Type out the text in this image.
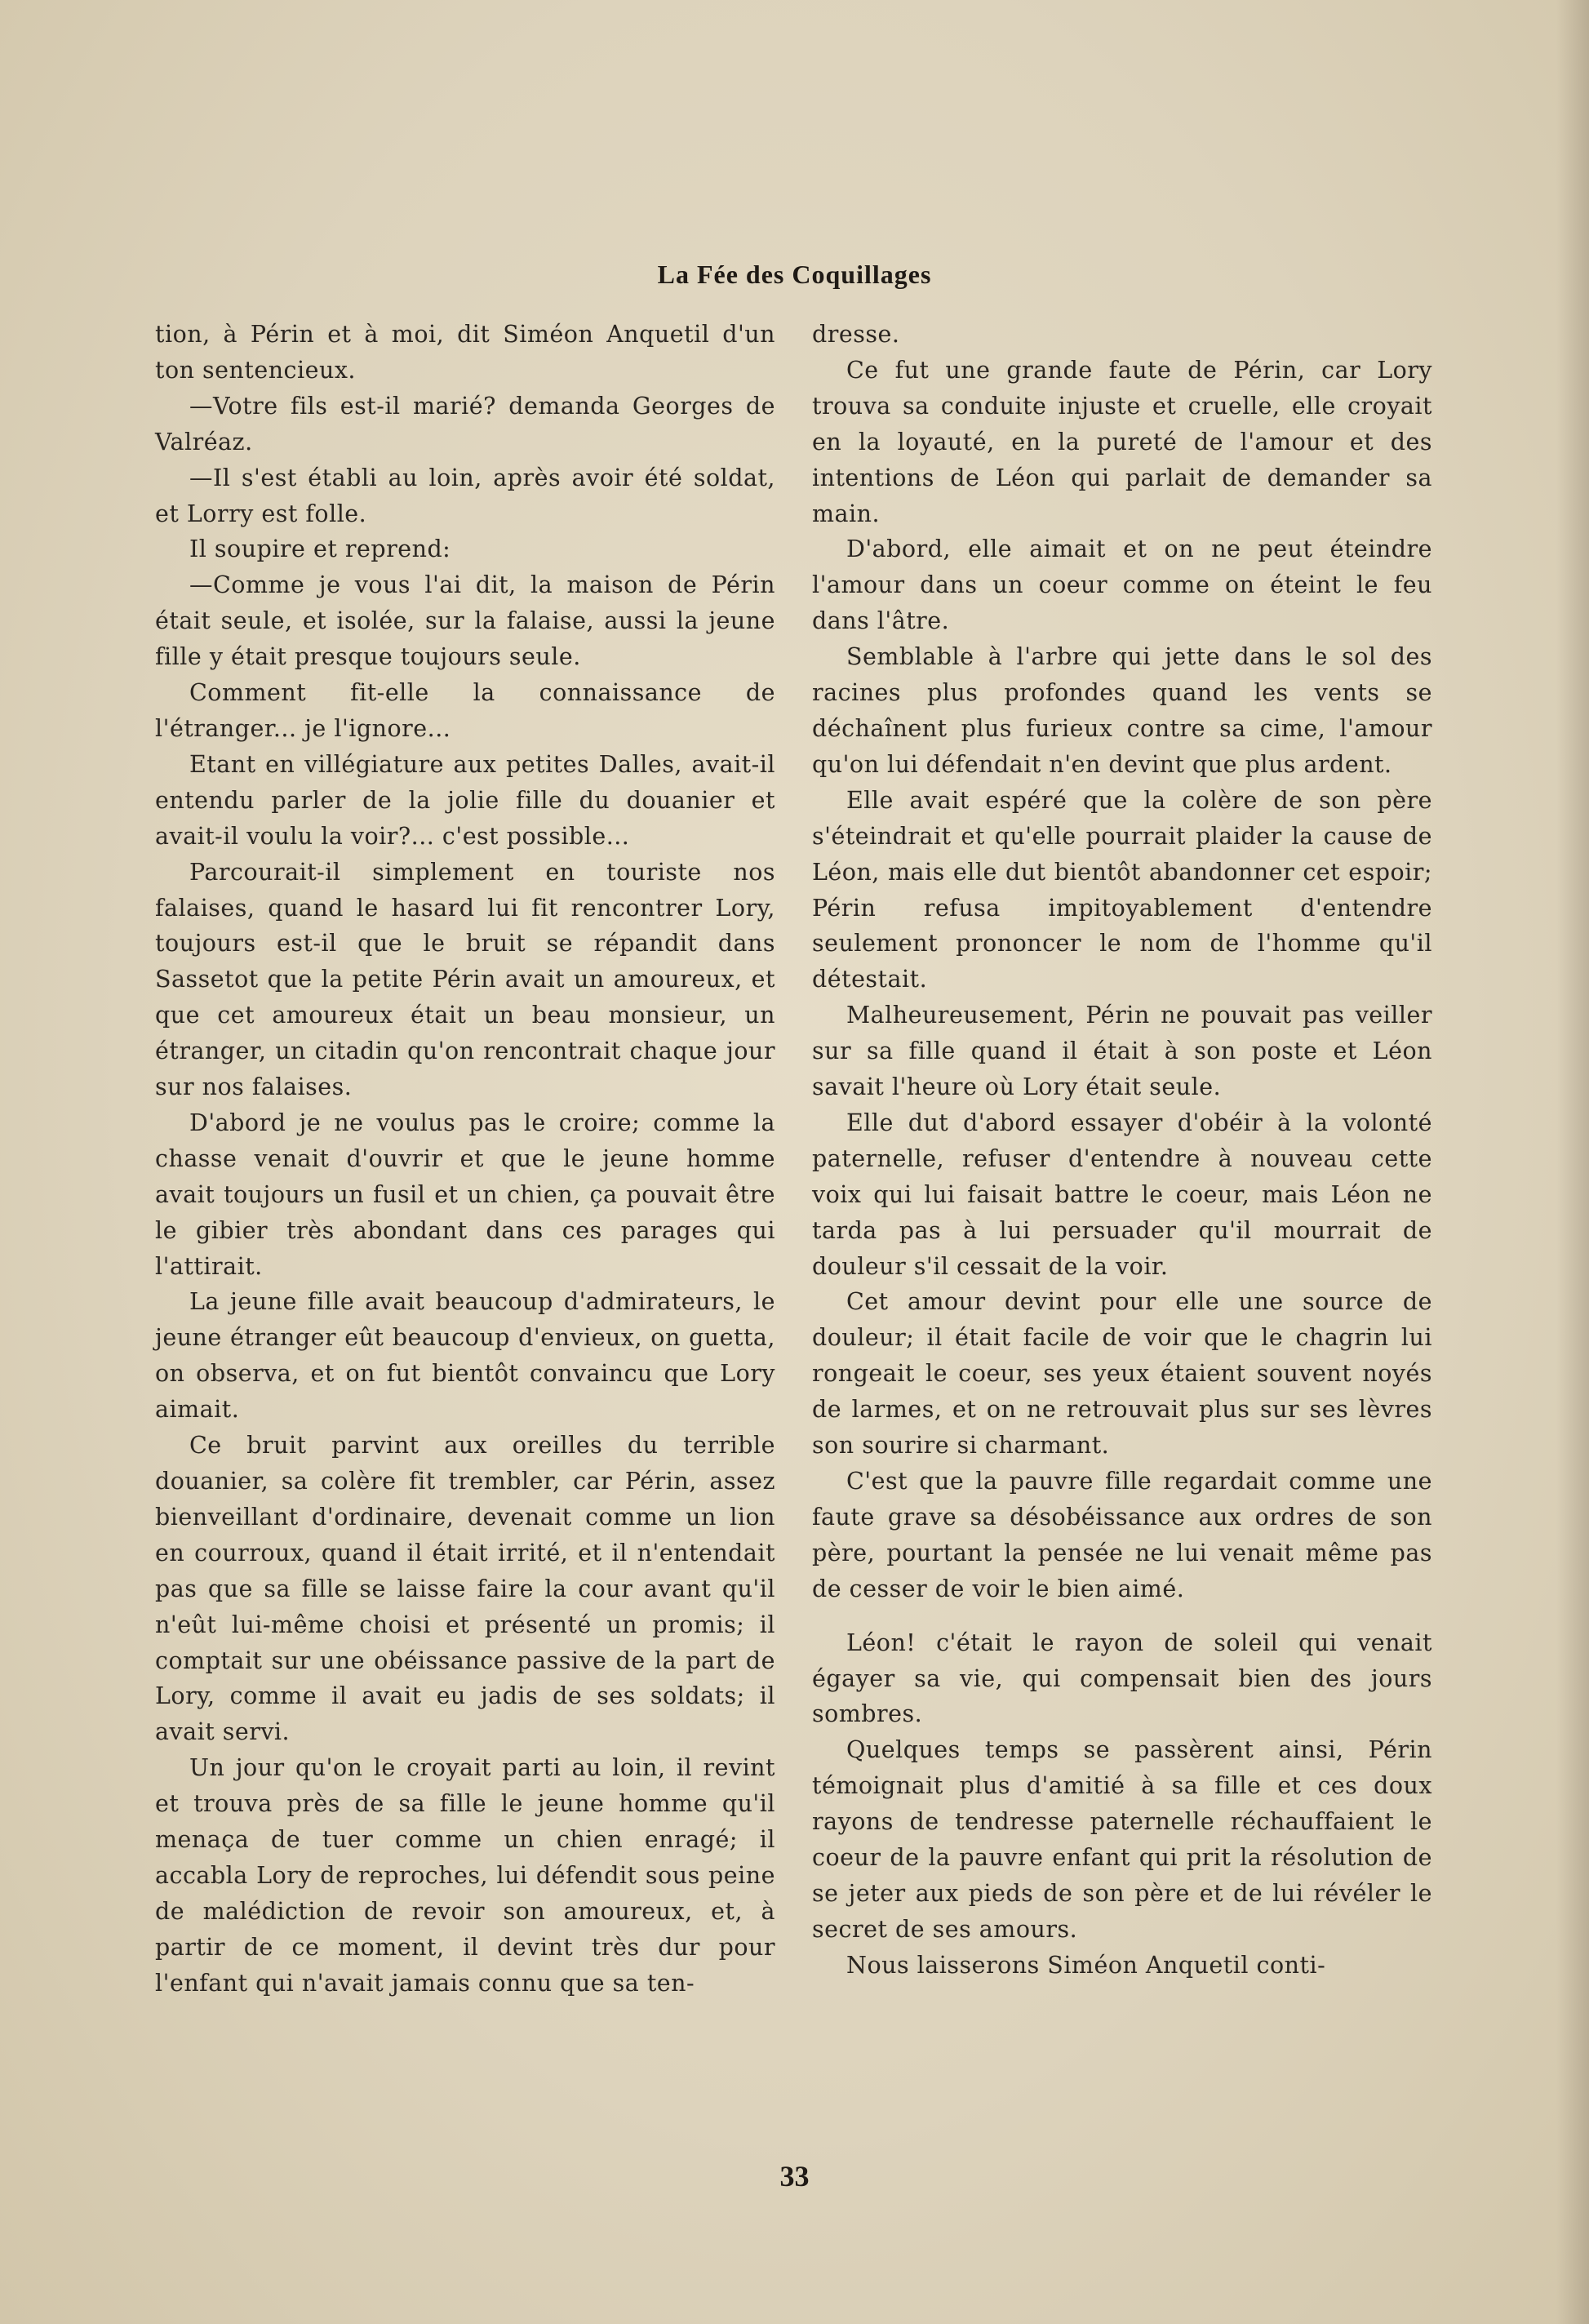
La Fée des Coquillages

tion, à Périn et à moi, dit Siméon Anquetil d'un ton sentencieux.

—Votre fils est-il marié? demanda Georges de Valréaz.

—Il s'est établi au loin, après avoir été soldat, et Lorry est folle.

Il soupire et reprend:

—Comme je vous l'ai dit, la maison de Périn était seule, et isolée, sur la falaise, aussi la jeune fille y était presque toujours seule.

Comment fit-elle la connaissance de l'étranger... je l'ignore...

Etant en villégiature aux petites Dalles, avait-il entendu parler de la jolie fille du douanier et avait-il voulu la voir?... c'est possible...

Parcourait-il simplement en touriste nos falaises, quand le hasard lui fit rencontrer Lory, toujours est-il que le bruit se répandit dans Sassetot que la petite Périn avait un amoureux, et que cet amoureux était un beau monsieur, un étranger, un citadin qu'on rencontrait chaque jour sur nos falaises.

D'abord je ne voulus pas le croire; comme la chasse venait d'ouvrir et que le jeune homme avait toujours un fusil et un chien, ça pouvait être le gibier très abondant dans ces parages qui l'attirait.

La jeune fille avait beaucoup d'admirateurs, le jeune étranger eût beaucoup d'envieux, on guetta, on observa, et on fut bientôt convaincu que Lory aimait.

Ce bruit parvint aux oreilles du terrible douanier, sa colère fit trembler, car Périn, assez bienveillant d'ordinaire, devenait comme un lion en courroux, quand il était irrité, et il n'entendait pas que sa fille se laisse faire la cour avant qu'il n'eût lui-même choisi et présenté un promis; il comptait sur une obéissance passive de la part de Lory, comme il avait eu jadis de ses soldats; il avait servi.

Un jour qu'on le croyait parti au loin, il revint et trouva près de sa fille le jeune homme qu'il menaça de tuer comme un chien enragé; il accabla Lory de reproches, lui défendit sous peine de malédiction de revoir son amoureux, et, à partir de ce moment, il devint très dur pour l'enfant qui n'avait jamais connu que sa ten-

dresse.

Ce fut une grande faute de Périn, car Lory trouva sa conduite injuste et cruelle, elle croyait en la loyauté, en la pureté de l'amour et des intentions de Léon qui parlait de demander sa main.

D'abord, elle aimait et on ne peut éteindre l'amour dans un coeur comme on éteint le feu dans l'âtre.

Semblable à l'arbre qui jette dans le sol des racines plus profondes quand les vents se déchaînent plus furieux contre sa cime, l'amour qu'on lui défendait n'en devint que plus ardent.

Elle avait espéré que la colère de son père s'éteindrait et qu'elle pourrait plaider la cause de Léon, mais elle dut bientôt abandonner cet espoir; Périn refusa impitoyablement d'entendre seulement prononcer le nom de l'homme qu'il détestait.

Malheureusement, Périn ne pouvait pas veiller sur sa fille quand il était à son poste et Léon savait l'heure où Lory était seule.

Elle dut d'abord essayer d'obéir à la volonté paternelle, refuser d'entendre à nouveau cette voix qui lui faisait battre le coeur, mais Léon ne tarda pas à lui persuader qu'il mourrait de douleur s'il cessait de la voir.

Cet amour devint pour elle une source de douleur; il était facile de voir que le chagrin lui rongeait le coeur, ses yeux étaient souvent noyés de larmes, et on ne retrouvait plus sur ses lèvres son sourire si charmant.

C'est que la pauvre fille regardait comme une faute grave sa désobéissance aux ordres de son père, pourtant la pensée ne lui venait même pas de cesser de voir le bien aimé.

Léon! c'était le rayon de soleil qui venait égayer sa vie, qui compensait bien des jours sombres.

Quelques temps se passèrent ainsi, Périn témoignait plus d'amitié à sa fille et ces doux rayons de tendresse paternelle réchauffaient le coeur de la pauvre enfant qui prit la résolution de se jeter aux pieds de son père et de lui révéler le secret de ses amours.

Nous laisserons Siméon Anquetil conti-

33
